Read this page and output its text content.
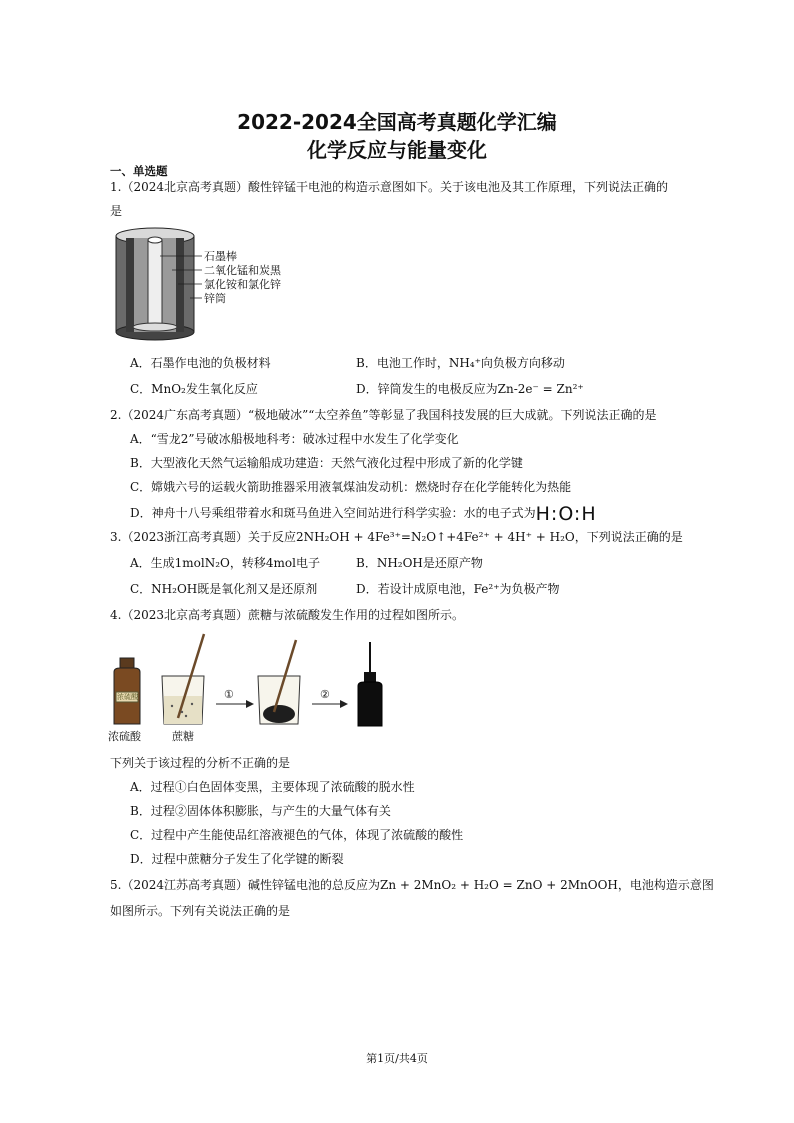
2022-2024全国高考真题化学汇编
化学反应与能量变化
一、单选题
1.（2024北京高考真题）酸性锌锰干电池的构造示意图如下。关于该电池及其工作原理，下列说法正确的
是
石墨棒
二氧化锰和炭黑
氯化铵和氯化锌
锌筒
A．石墨作电池的负极材料	B．电池工作时，NH₄⁺向负极方向移动
C．MnO₂发生氧化反应	D．锌筒发生的电极反应为Zn-2e⁻ = Zn²⁺
2.（2024广东高考真题）“极地破冰”“太空养鱼”等彰显了我国科技发展的巨大成就。下列说法正确的是
A．“雪龙2”号破冰船极地科考：破冰过程中水发生了化学变化
B．大型液化天然气运输船成功建造：天然气液化过程中形成了新的化学键
C．嫦娥六号的运载火箭助推器采用液氧煤油发动机：燃烧时存在化学能转化为热能
D．神舟十八号乘组带着水和斑马鱼进入空间站进行科学实验：水的电子式为H:O:H
3.（2023浙江高考真题）关于反应2NH₂OH + 4Fe³⁺=N₂O↑+4Fe²⁺ + 4H⁺ + H₂O，下列说法正确的是
A．生成1molN₂O，转移4mol电子	B．NH₂OH是还原产物
C．NH₂OH既是氧化剂又是还原剂	D．若设计成原电池，Fe²⁺为负极产物
4.（2023北京高考真题）蔗糖与浓硫酸发生作用的过程如图所示。
浓硫酸
浓硫酸	蔗糖
①	②
下列关于该过程的分析不正确的是
A．过程①白色固体变黑，主要体现了浓硫酸的脱水性
B．过程②固体体积膨胀，与产生的大量气体有关
C．过程中产生能使品红溶液褪色的气体，体现了浓硫酸的酸性
D．过程中蔗糖分子发生了化学键的断裂
5.（2024江苏高考真题）碱性锌锰电池的总反应为Zn + 2MnO₂ + H₂O = ZnO + 2MnOOH，电池构造示意图
如图所示。下列有关说法正确的是
第1页/共4页
